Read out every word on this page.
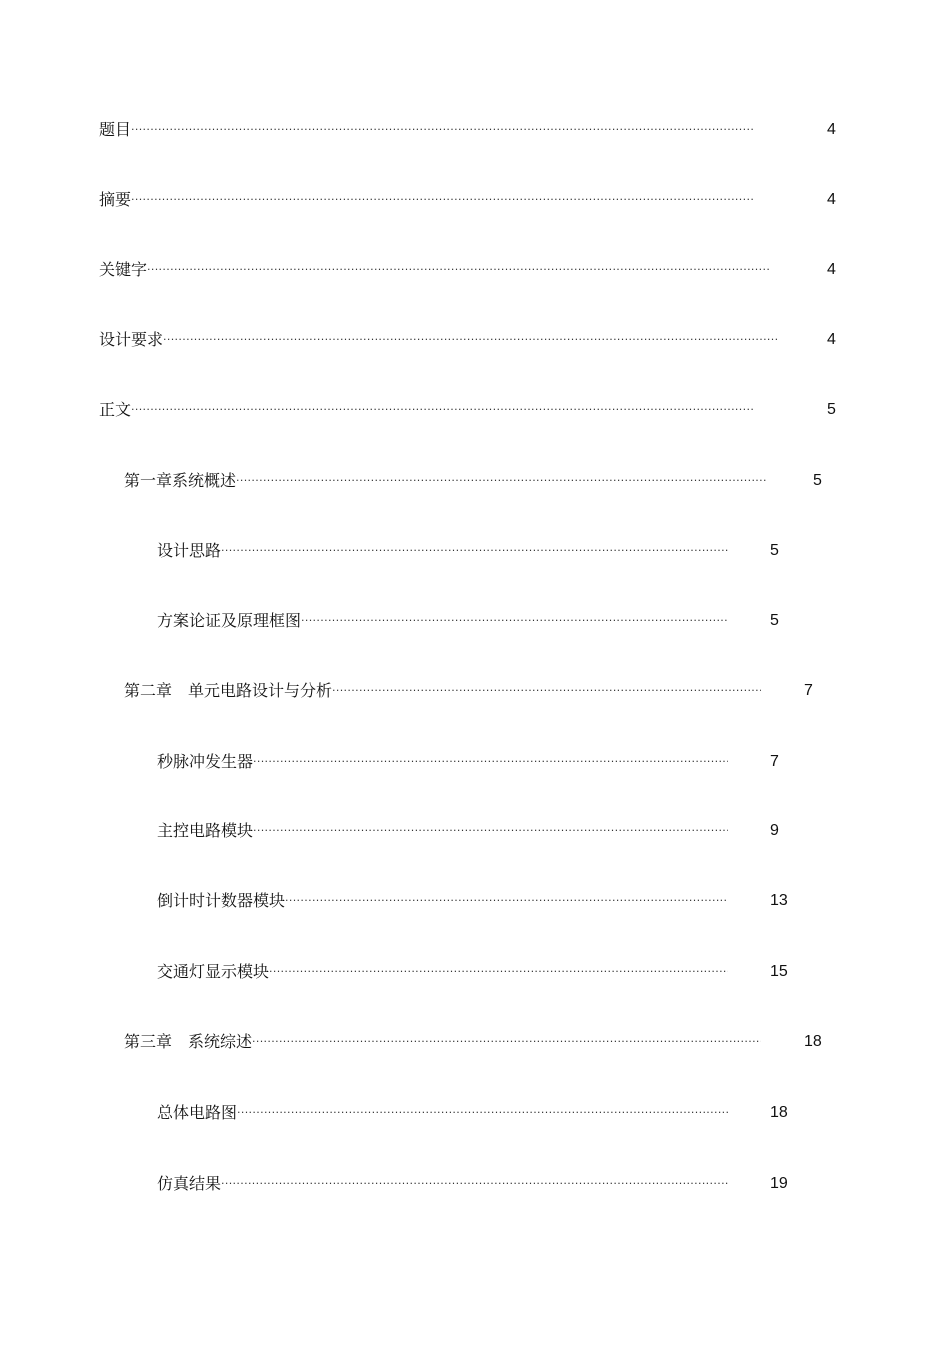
题目 ·····	4
摘要 ·····	4
关键字 ·····	4
设计要求 ·····	4
正文 ·····	5
第一章系统概述 ·····	5
设计思路 ·····	5
方案论证及原理框图 ·····	5
第二章　单元电路设计与分析 ·····	7
秒脉冲发生器 ·····	7
主控电路模块 ·····	9
倒计时计数器模块 ·····	13
交通灯显示模块 ·····	15
第三章　系统综述 ·····	18
总体电路图 ·····	18
仿真结果 ·····	19
